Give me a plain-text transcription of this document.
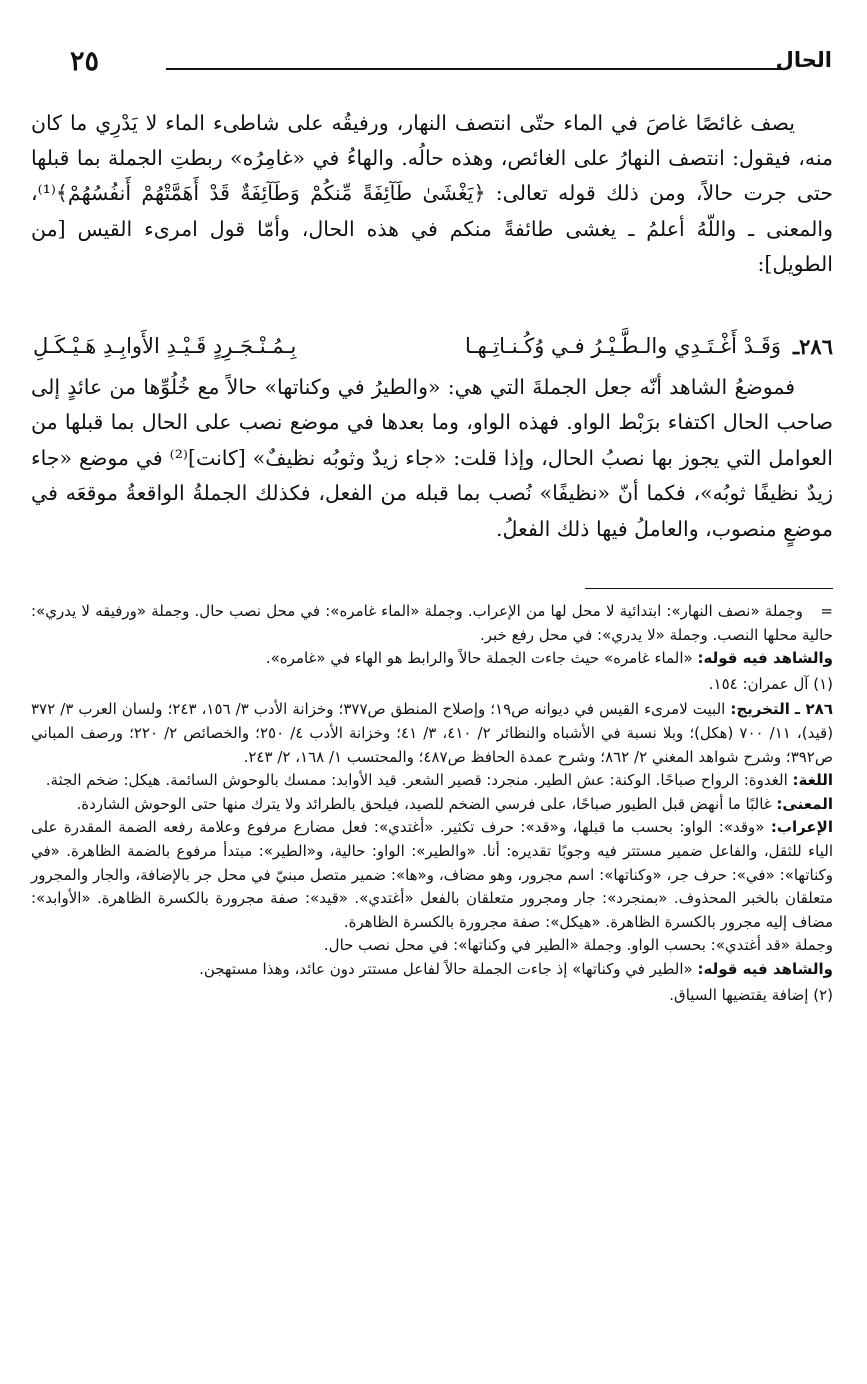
الحال
٢٥

يصف غائصًا غاصَ في الماء حتّى انتصف النهار، ورفيقُه على شاطىء الماء لا يَدْرِي ما كان منه، فيقول: انتصف النهارُ على الغائص، وهذه حالُه. والهاءُ في «غامِرُه» ربطتِ الجملة بما قبلها حتى جرت حالاً، ومن ذلك قوله تعالى: ﴿يَغْشَىٰ طَآئِفَةً مِّنكُمْ وَطَآئِفَةٌ قَدْ أَهَمَّتْهُمْ أَنفُسُهُمْ﴾⁽¹⁾، والمعنى ـ واللّهُ أعلمُ ـ يغشى طائفةً منكم في هذه الحال، وأمّا قول امرىء القيس [من الطويل]:

٢٨٦ـ
وَقَـدْ أَغْـتَـدِي والـطَّـيْـرُ فـي وُكُـنـاتِـهـا
بِـمُـنْـجَـرِدٍ قَـيْـدِ الأَوابِـدِ هَـيْـكَـلِ

فموضعُ الشاهد أنّه جعل الجملةَ التي هي: «والطيرُ في وكناتها» حالاً مع خُلُوِّها من عائدٍ إلى صاحب الحال اكتفاء برَبْط الواو. فهذه الواو، وما بعدها في موضع نصب على الحال بما قبلها من العوامل التي يجوز بها نصبُ الحال، وإذا قلت: «جاء زيدٌ وثوبُه نظيفٌ» [كانت]⁽²⁾ في موضع «جاء زيدٌ نظيفًا ثوبُه»، فكما أنّ «نظيفًا» نُصب بما قبله من الفعل، فكذلك الجملةُ الواقعةُ موقعَه في موضعٍ منصوب، والعاملُ فيها ذلك الفعلُ.

=وجملة «نصف النهار»: ابتدائية لا محل لها من الإعراب. وجملة «الماء غامره»: في محل نصب حال. وجملة «ورفيقه لا يدري»: حالية محلها النصب. وجملة «لا يدري»: في محل رفع خبر.

والشاهد فيه قوله: «الماء غامره» حيث جاءت الجملة حالاً والرابط هو الهاء في «غامره».

(١) آل عمران: ١٥٤.

٢٨٦ ـ التخريج: البيت لامرىء القيس في ديوانه ص١٩؛ وإصلاح المنطق ص٣٧٧؛ وخزانة الأدب ٣/ ١٥٦، ٢٤٣؛ ولسان العرب ٣/ ٣٧٢ (قيد)، ١١/ ٧٠٠ (هكل)؛ وبلا نسبة في الأشباه والنظائر ٢/ ٤١٠، ٣/ ٤١؛ وخزانة الأدب ٤/ ٢٥٠؛ والخصائص ٢/ ٢٢٠؛ ورصف المباني ص٣٩٢؛ وشرح شواهد المغني ٢/ ٨٦٢؛ وشرح عمدة الحافظ ص٤٨٧؛ والمحتسب ١/ ١٦٨، ٢/ ٢٤٣.

اللغة: الغدوة: الرواح صباحًا. الوكنة: عش الطير. منجرد: قصير الشعر. قيد الأوابد: ممسك بالوحوش السائمة. هيكل: ضخم الجثة.

المعنى: غالبًا ما أنهض قبل الطيور صباحًا، على فرسي الضخم للصيد، فيلحق بالطرائد ولا يترك منها حتى الوحوش الشاردة.

الإعراب: «وقد»: الواو: بحسب ما قبلها، و«قد»: حرف تكثير. «أغتدي»: فعل مضارع مرفوع وعلامة رفعه الضمة المقدرة على الياء للثقل، والفاعل ضمير مستتر فيه وجوبًا تقديره: أنا. «والطير»: الواو: حالية، و«الطير»: مبتدأ مرفوع بالضمة الظاهرة. «في وكناتها»: «في»: حرف جر، «وكناتها»: اسم مجرور، وهو مضاف، و«ها»: ضمير متصل مبنيّ في محل جر بالإضافة، والجار والمجرور متعلقان بالخبر المحذوف. «بمنجرد»: جار ومجرور متعلقان بالفعل «أغتدي». «قيد»: صفة مجرورة بالكسرة الظاهرة. «الأوابد»: مضاف إليه مجرور بالكسرة الظاهرة. «هيكل»: صفة مجرورة بالكسرة الظاهرة.

وجملة «قد أغتدي»: بحسب الواو. وجملة «الطير في وكناتها»: في محل نصب حال.

والشاهد فيه قوله: «الطير في وكناتها» إذ جاءت الجملة حالاً لفاعل مستتر دون عائد، وهذا مستهجن.

(٢) إضافة يقتضيها السياق.
